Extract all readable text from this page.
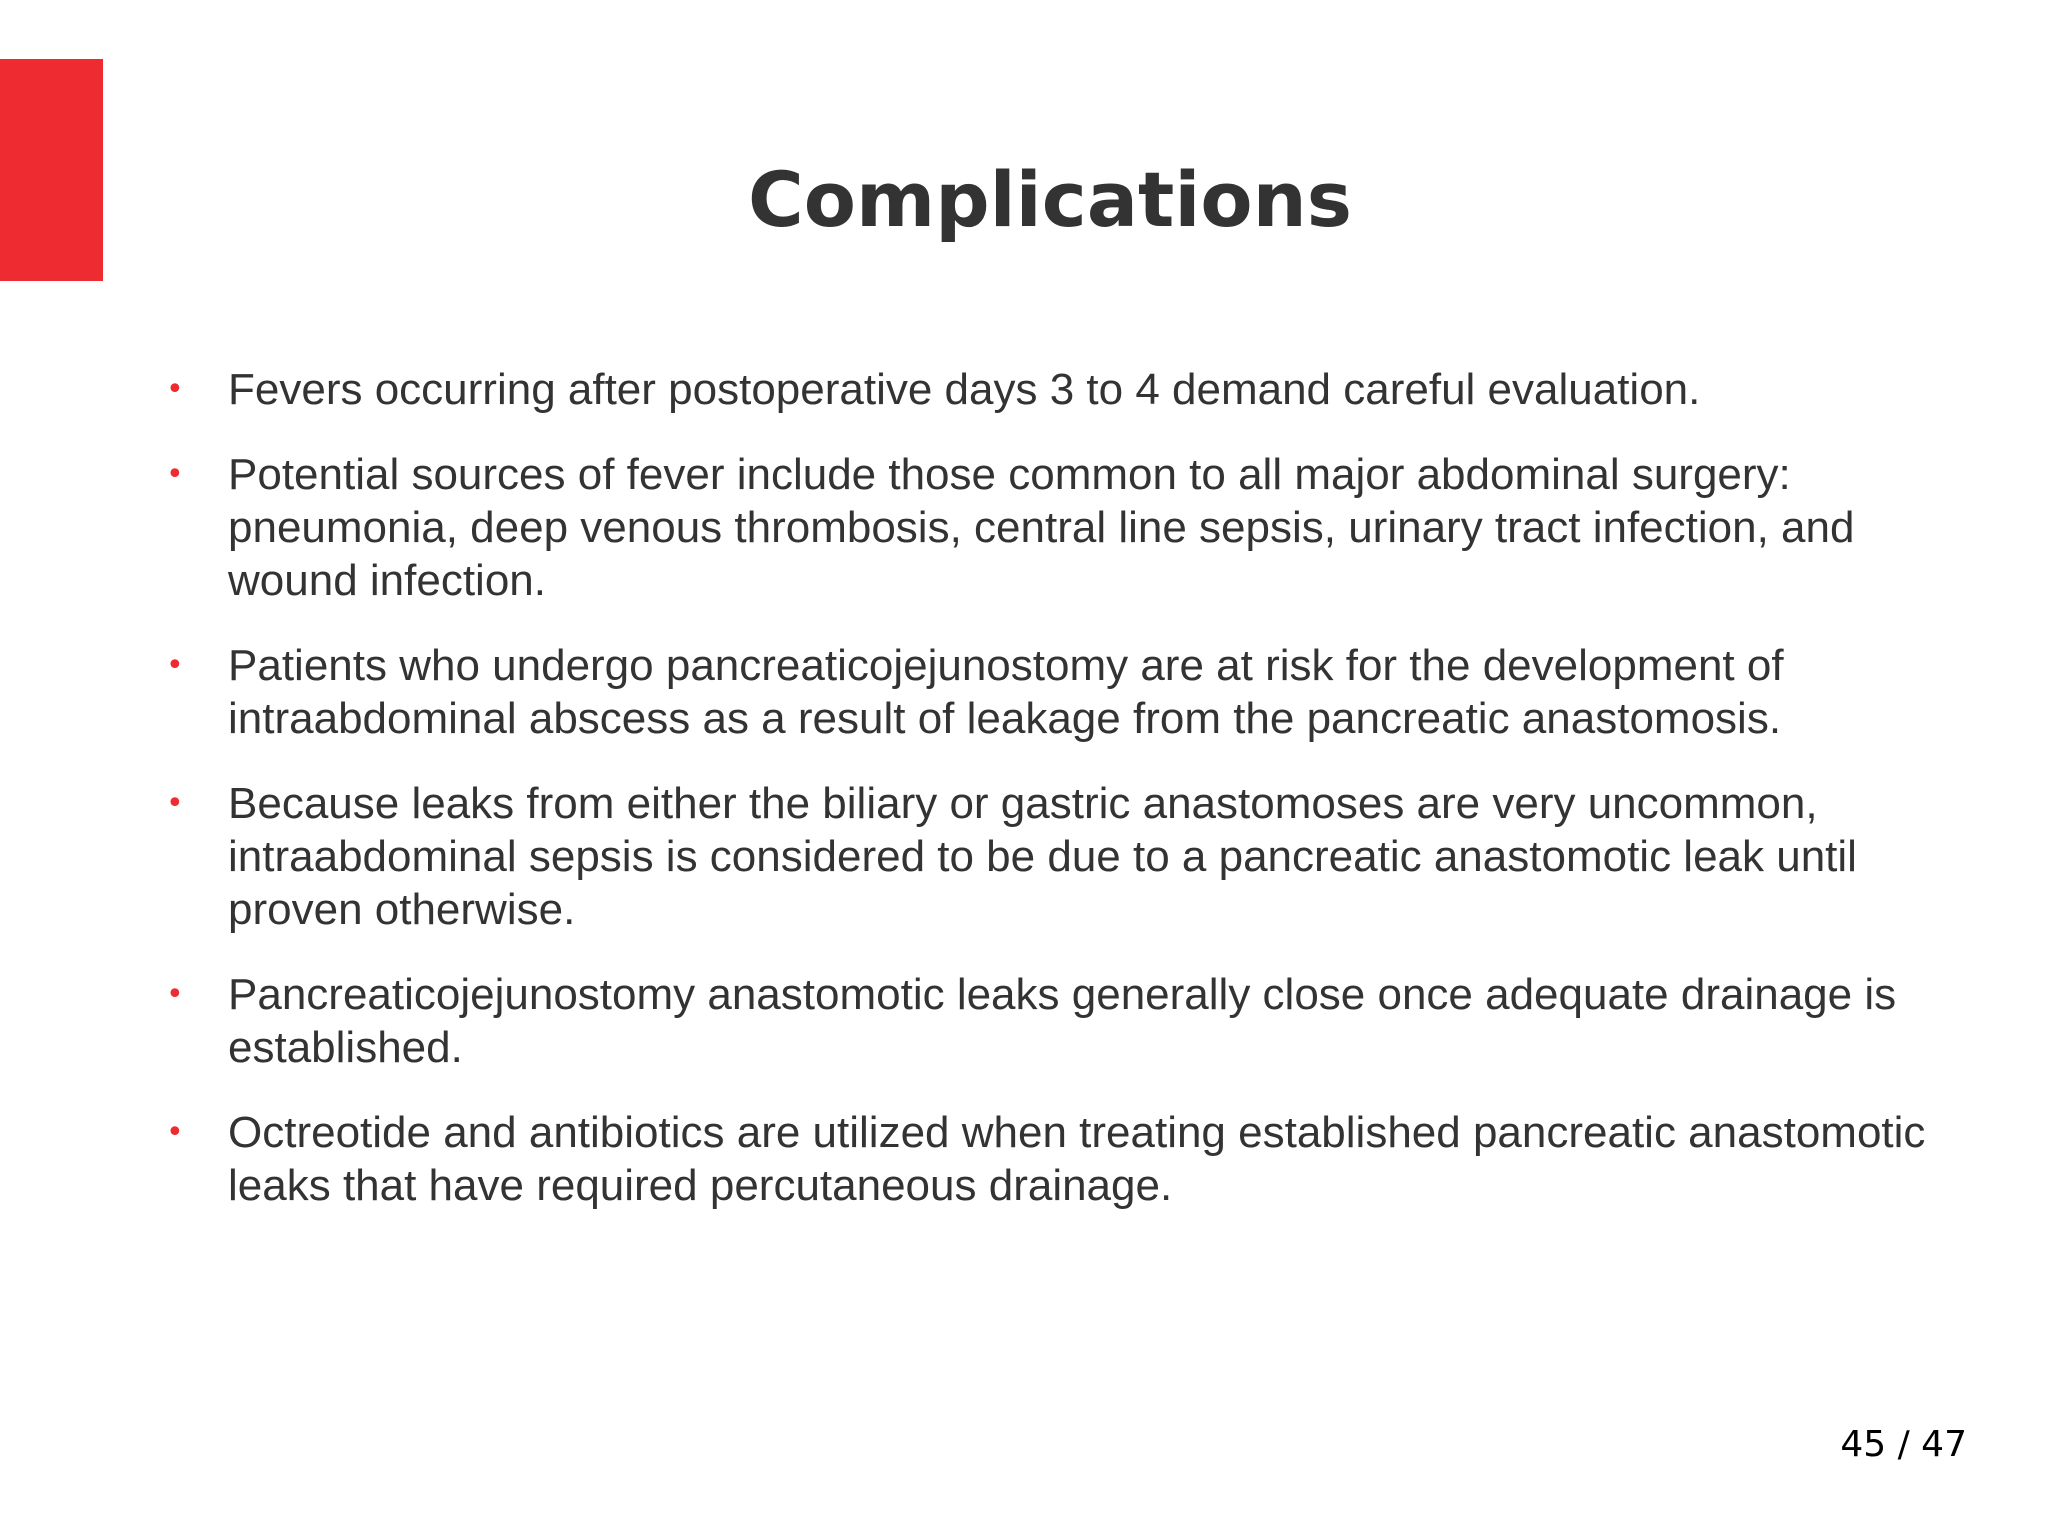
Complications
• Fevers occurring after postoperative days 3 to 4 demand careful evaluation.
• Potential sources of fever include those common to all major abdominal surgery: pneumonia, deep venous thrombosis, central line sepsis, urinary tract infection, and wound infection.
• Patients who undergo pancreaticojejunostomy are at risk for the development of intraabdominal abscess as a result of leakage from the pancreatic anastomosis.
• Because leaks from either the biliary or gastric anastomoses are very uncommon, intraabdominal sepsis is considered to be due to a pancreatic anastomotic leak until proven otherwise.
• Pancreaticojejunostomy anastomotic leaks generally close once adequate drainage is established.
• Octreotide and antibiotics are utilized when treating established pancreatic anastomotic leaks that have required percutaneous drainage.
45 / 47
